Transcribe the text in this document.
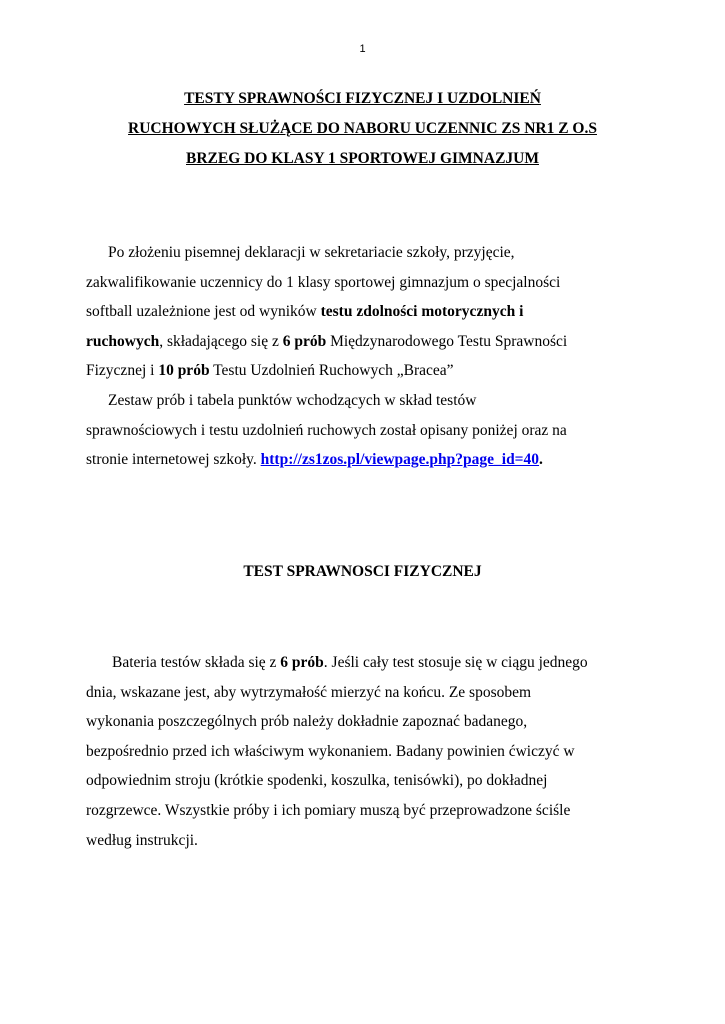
1
TESTY SPRAWNOŚCI FIZYCZNEJ I UZDOLNIEŃ
RUCHOWYCH SŁUŻĄCE DO NABORU UCZENNIC ZS NR1 Z O.S
BRZEG DO KLASY 1 SPORTOWEJ GIMNAZJUM

Po złożeniu pisemnej deklaracji w sekretariacie szkoły, przyjęcie,
zakwalifikowanie uczennicy do 1 klasy sportowej gimnazjum o specjalności
softball uzależnione jest od wyników testu zdolności motorycznych i
ruchowych, składającego się z 6 prób Międzynarodowego Testu Sprawności
Fizycznej i 10 prób Testu Uzdolnień Ruchowych „Bracea”
Zestaw prób i tabela punktów wchodzących w skład testów
sprawnościowych i testu uzdolnień ruchowych został opisany poniżej oraz na
stronie internetowej szkoły. http://zs1zos.pl/viewpage.php?page_id=40.

TEST SPRAWNOSCI FIZYCZNEJ

Bateria testów składa się z 6 prób. Jeśli cały test stosuje się w ciągu jednego
dnia, wskazane jest, aby wytrzymałość mierzyć na końcu. Ze sposobem
wykonania poszczególnych prób należy dokładnie zapoznać badanego,
bezpośrednio przed ich właściwym wykonaniem. Badany powinien ćwiczyć w
odpowiednim stroju (krótkie spodenki, koszulka, tenisówki), po dokładnej
rozgrzewce. Wszystkie próby i ich pomiary muszą być przeprowadzone ściśle
według instrukcji.
